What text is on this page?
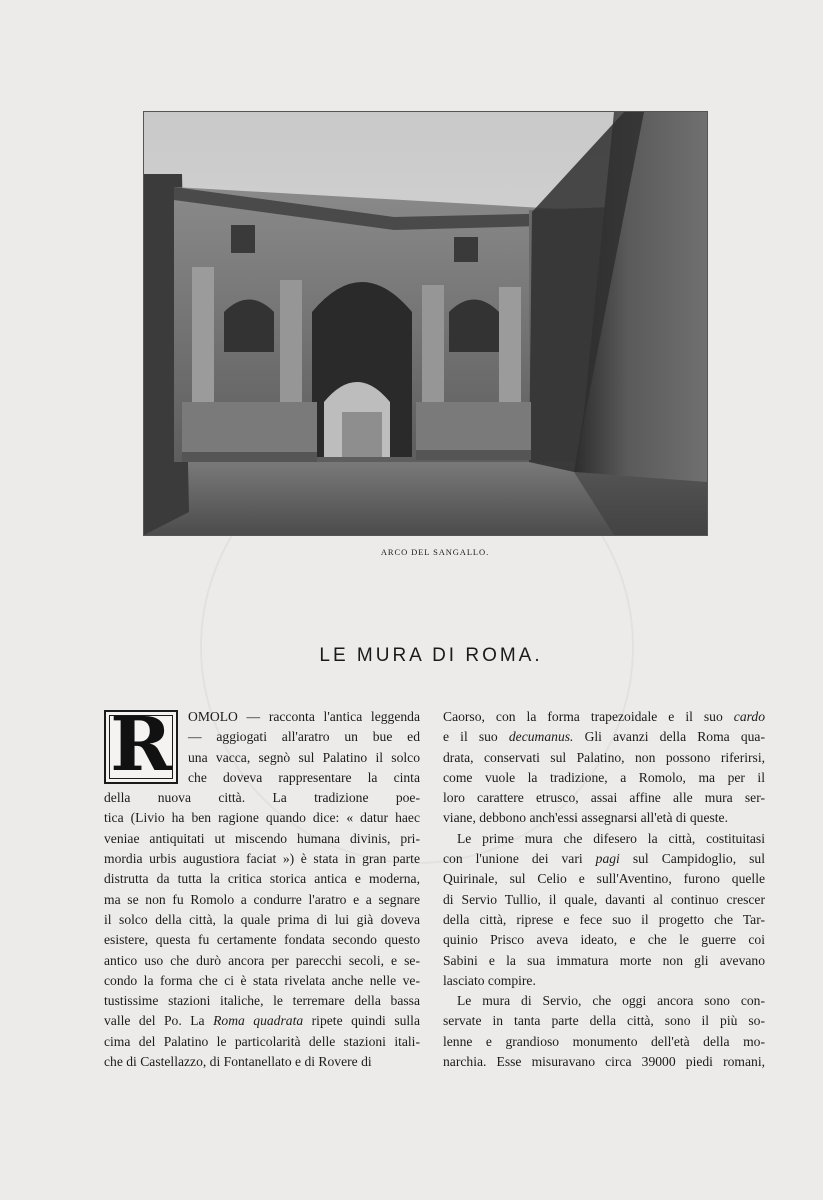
ARCO DEL SANGALLO.
LE MURA DI ROMA.
R	OMOLO — racconta l'antica leggenda
— aggiogati all'aratro un bue ed
una vacca, segnò sul Palatino il solco
che doveva rappresentare la cinta
della nuova città. La tradizione poe-
tica (Livio ha ben ragione quando dice: « datur haec
veniae antiquitati ut miscendo humana divinis, pri-
mordia urbis augustiora faciat ») è stata in gran parte
distrutta da tutta la critica storica antica e moderna,
ma se non fu Romolo a condurre l'aratro e a segnare
il solco della città, la quale prima di lui già doveva
esistere, questa fu certamente fondata secondo questo
antico uso che durò ancora per parecchi secoli, e se-
condo la forma che ci è stata rivelata anche nelle ve-
tustissime stazioni italiche, le terremare della bassa
valle del Po. La Roma quadrata ripete quindi sulla
cima del Palatino le particolarità delle stazioni itali-
che di Castellazzo, di Fontanellato e di Rovere di
Caorso, con la forma trapezoidale e il suo cardo
e il suo decumanus. Gli avanzi della Roma qua-
drata, conservati sul Palatino, non possono riferirsi,
come vuole la tradizione, a Romolo, ma per il
loro carattere etrusco, assai affine alle mura ser-
viane, debbono anch'essi assegnarsi all'età di queste.
Le prime mura che difesero la città, costituitasi
con l'unione dei vari pagi sul Campidoglio, sul
Quirinale, sul Celio e sull'Aventino, furono quelle
di Servio Tullio, il quale, davanti al continuo crescer
della città, riprese e fece suo il progetto che Tar-
quinio Prisco aveva ideato, e che le guerre coi
Sabini e la sua immatura morte non gli avevano
lasciato compire.
Le mura di Servio, che oggi ancora sono con-
servate in tanta parte della città, sono il più so-
lenne e grandioso monumento dell'età della mo-
narchia. Esse misuravano circa 39000 piedi romani,
